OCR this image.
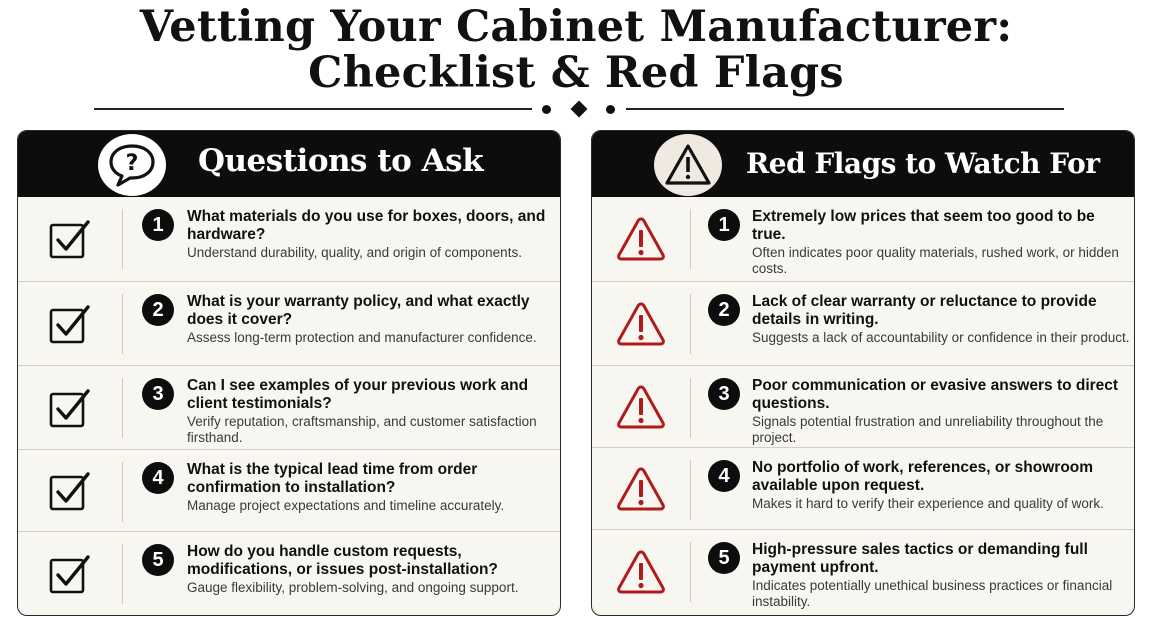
Vetting Your Cabinet Manufacturer:
Checklist & Red Flags
? Questions to Ask
1	What materials do you use for boxes, doors, and hardware?
Understand durability, quality, and origin of components.
2	What is your warranty policy, and what exactly does it cover?
Assess long-term protection and manufacturer confidence.
3	Can I see examples of your previous work and client testimonials?
Verify reputation, craftsmanship, and customer satisfaction firsthand.
4	What is the typical lead time from order confirmation to installation?
Manage project expectations and timeline accurately.
5	How do you handle custom requests, modifications, or issues post-installation?
Gauge flexibility, problem-solving, and ongoing support.
Red Flags to Watch For
1	Extremely low prices that seem too good to be true.
Often indicates poor quality materials, rushed work, or hidden costs.
2	Lack of clear warranty or reluctance to provide details in writing.
Suggests a lack of accountability or confidence in their product.
3	Poor communication or evasive answers to direct questions.
Signals potential frustration and unreliability throughout the project.
4	No portfolio of work, references, or showroom available upon request.
Makes it hard to verify their experience and quality of work.
5	High-pressure sales tactics or demanding full payment upfront.
Indicates potentially unethical business practices or financial instability.
